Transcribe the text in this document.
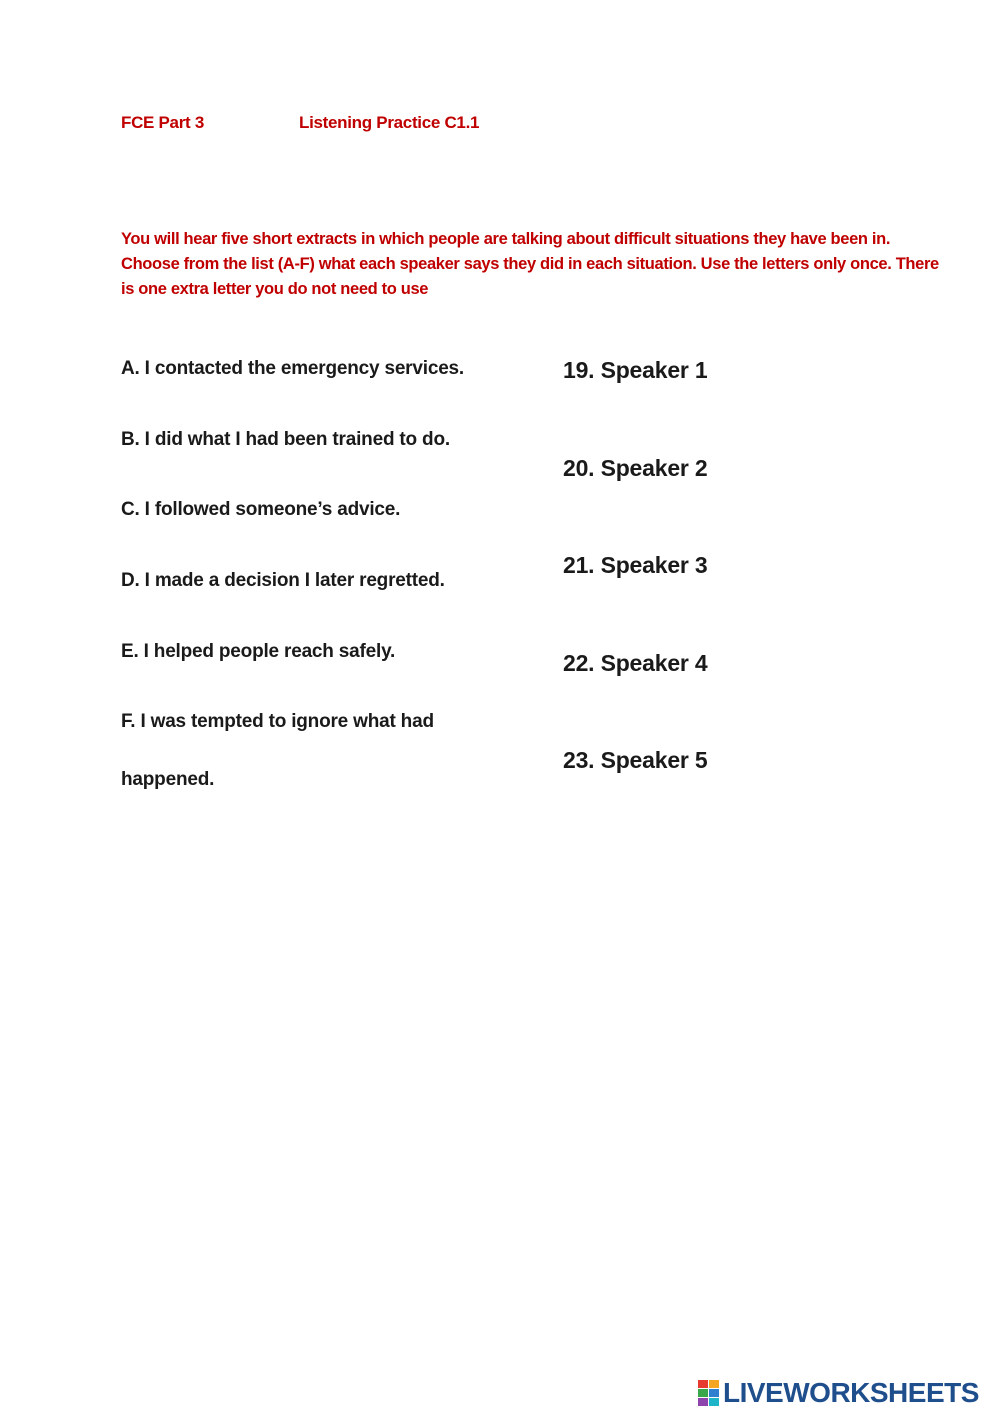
FCE Part 3	Listening Practice C1.1
You will hear five short extracts in which people are talking about difficult situations they have been in. Choose from the list (A-F) what each speaker says they did in each situation. Use the letters only once. There is one extra letter you do not need to use
A. I contacted the emergency services.
B. I did what I had been trained to do.
C. I followed someone’s advice.
D. I made a decision I later regretted.
E. I helped people reach safely.
F. I was tempted to ignore what had
happened.
19. Speaker 1
20. Speaker 2
21. Speaker 3
22. Speaker 4
23. Speaker 5
LIVEWORKSHEETS
